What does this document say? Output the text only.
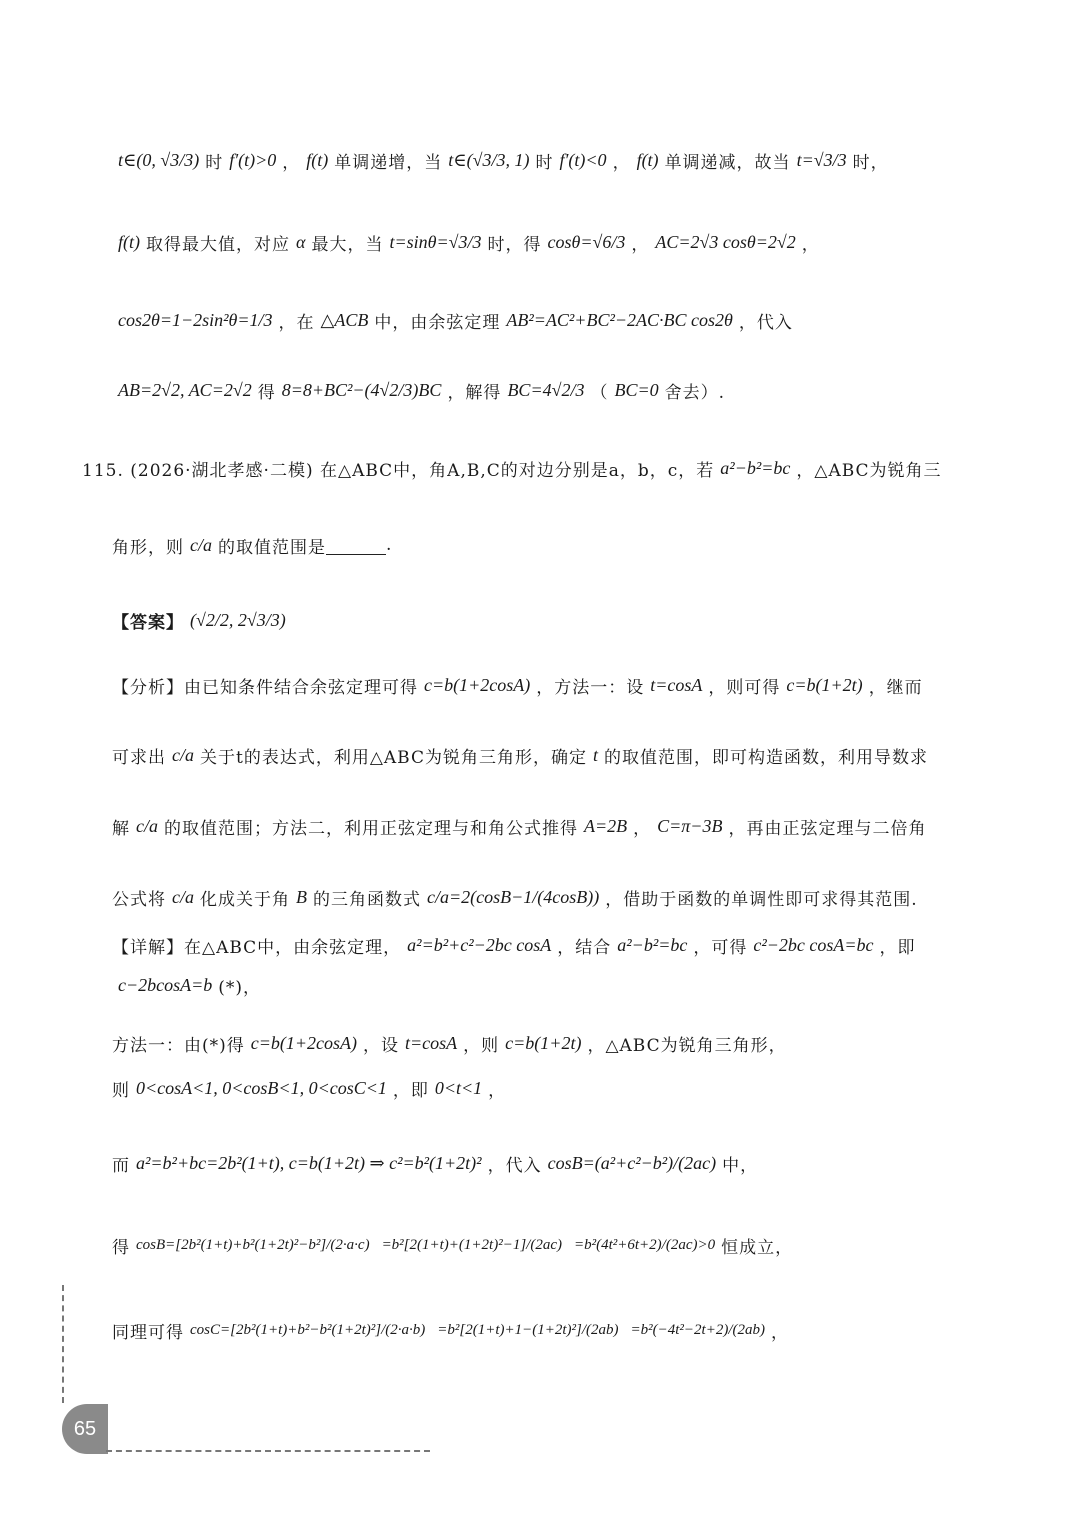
t∈(0, √3/3) 时 f′(t)>0 ， f(t) 单调递增，当 t∈(√3/3, 1) 时 f′(t)<0 ， f(t) 单调递减，故当 t=√3/3 时，
f(t) 取得最大值，对应 α 最大，当 t=sinθ=√3/3 时，得 cosθ=√6/3 ， AC=2√3 cosθ=2√2 ，
cos2θ=1−2sin²θ=1/3 ，在 △ACB 中，由余弦定理 AB²=AC²+BC²−2AC·BC cos2θ ，代入
AB=2√2, AC=2√2 得 8=8+BC²−(4√2/3)BC ，解得 BC=4√2/3 （ BC=0 舍去）.
115. (2026·湖北孝感·二模) 在△ABC中，角A,B,C的对边分别是a，b，c，若 a²−b²=bc ，△ABC为锐角三
角形，则 c/a 的取值范围是	.
【答案】 (√2/2, 2√3/3)
【分析】由已知条件结合余弦定理可得 c=b(1+2cosA) ，方法一：设 t=cosA ，则可得 c=b(1+2t) ，继而
可求出 c/a 关于t的表达式，利用△ABC为锐角三角形，确定 t 的取值范围，即可构造函数，利用导数求
解 c/a 的取值范围；方法二，利用正弦定理与和角公式推得 A=2B ， C=π−3B ，再由正弦定理与二倍角
公式将 c/a 化成关于角 B 的三角函数式 c/a=2(cosB−1/(4cosB)) ，借助于函数的单调性即可求得其范围.
【详解】在△ABC中，由余弦定理， a²=b²+c²−2bc cosA ，结合 a²−b²=bc ，可得 c²−2bc cosA=bc ，即
c−2bcosA=b (*)，
方法一：由(*)得 c=b(1+2cosA) ，设 t=cosA ，则 c=b(1+2t) ，△ABC为锐角三角形，
则 0<cosA<1, 0<cosB<1, 0<cosC<1 ，即 0<t<1 ，
而 a²=b²+bc=2b²(1+t), c=b(1+2t) ⇒ c²=b²(1+2t)² ，代入 cosB=(a²+c²−b²)/(2ac) 中，
得 cosB=[2b²(1+t)+b²(1+2t)²−b²]/(2·a·c) =b²[2(1+t)+(1+2t)²−1]/(2ac) =b²(4t²+6t+2)/(2ac)>0 恒成立，
同理可得 cosC=[2b²(1+t)+b²−b²(1+2t)²]/(2·a·b) =b²[2(1+t)+1−(1+2t)²]/(2ab) =b²(−4t²−2t+2)/(2ab) ，
65
